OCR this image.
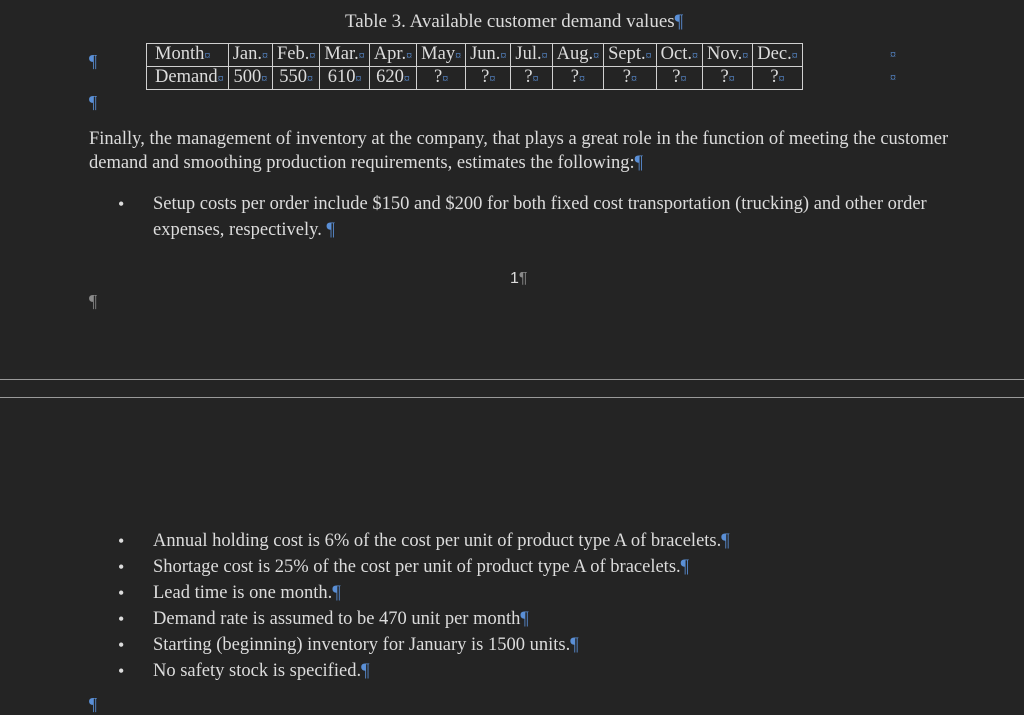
Table 3. Available customer demand values¶
¶
¶
Month¤	Jan.¤	Feb.¤	Mar.¤	Apr.¤	May¤	Jun.¤	Jul.¤	Aug.¤	Sept.¤	Oct.¤	Nov.¤	Dec.¤
Demand¤	500¤	550¤	610¤	620¤	?¤	?¤	?¤	?¤	?¤	?¤	?¤	?¤
¤
¤
Finally, the management of inventory at the company, that plays a great role in the function of meeting the customer demand and smoothing production requirements, estimates the following:¶
• Setup costs per order include $150 and $200 for both fixed cost transportation (trucking) and other order expenses, respectively. ¶
1¶
¶
• Annual holding cost is 6% of the cost per unit of product type A of bracelets.¶
• Shortage cost is 25% of the cost per unit of product type A of bracelets.¶
• Lead time is one month.¶
• Demand rate is assumed to be 470 unit per month¶
• Starting (beginning) inventory for January is 1500 units.¶
• No safety stock is specified.¶
¶
